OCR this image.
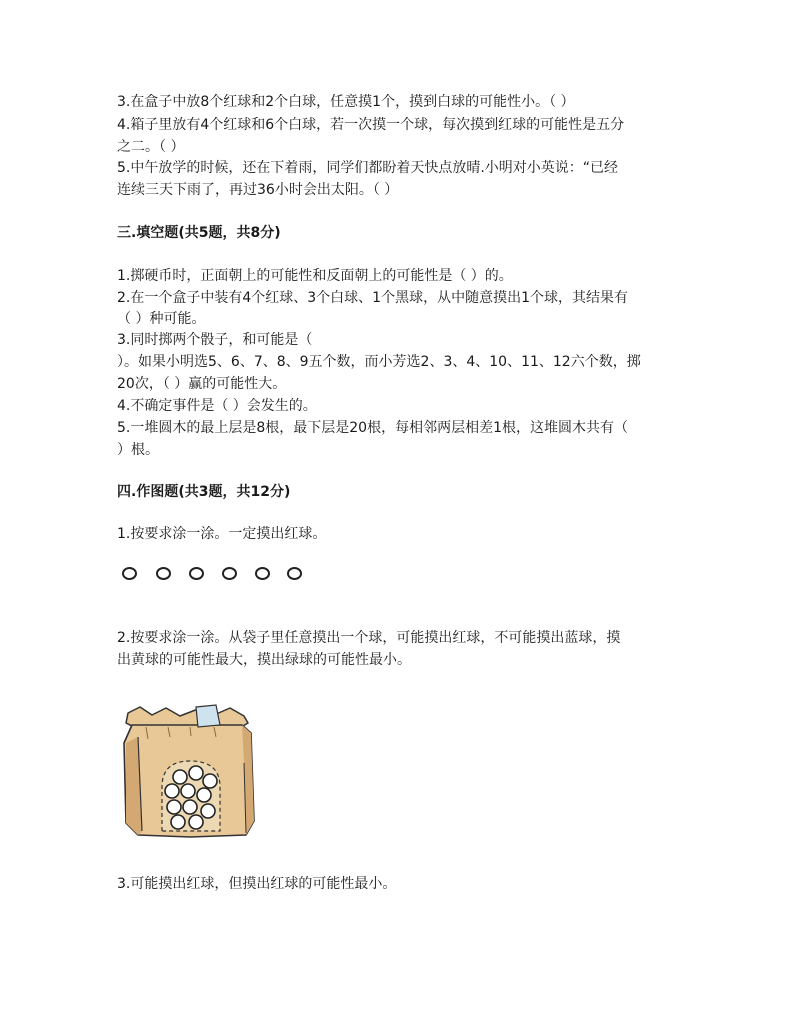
3.在盒子中放8个红球和2个白球，任意摸1个，摸到白球的可能性小。（ ）
4.箱子里放有4个红球和6个白球，若一次摸一个球，每次摸到红球的可能性是五分
之二。（ ）
5.中午放学的时候，还在下着雨，同学们都盼着天快点放晴.小明对小英说：“已经
连续三天下雨了，再过36小时会出太阳。（ ）
三.填空题(共5题，共8分)
1.掷硬币时，正面朝上的可能性和反面朝上的可能性是（ ）的。
2.在一个盒子中装有4个红球、3个白球、1个黑球，从中随意摸出1个球，其结果有
（ ）种可能。
3.同时掷两个骰子，和可能是（
）。如果小明选5、6、7、8、9五个数，而小芳选2、3、4、10、11、12六个数，掷
20次，（ ）赢的可能性大。
4.不确定事件是（ ）会发生的。
5.一堆圆木的最上层是8根，最下层是20根，每相邻两层相差1根，这堆圆木共有（
）根。
四.作图题(共3题，共12分)
1.按要求涂一涂。一定摸出红球。
2.按要求涂一涂。从袋子里任意摸出一个球，可能摸出红球，不可能摸出蓝球，摸
出黄球的可能性最大，摸出绿球的可能性最小。
3.可能摸出红球，但摸出红球的可能性最小。
